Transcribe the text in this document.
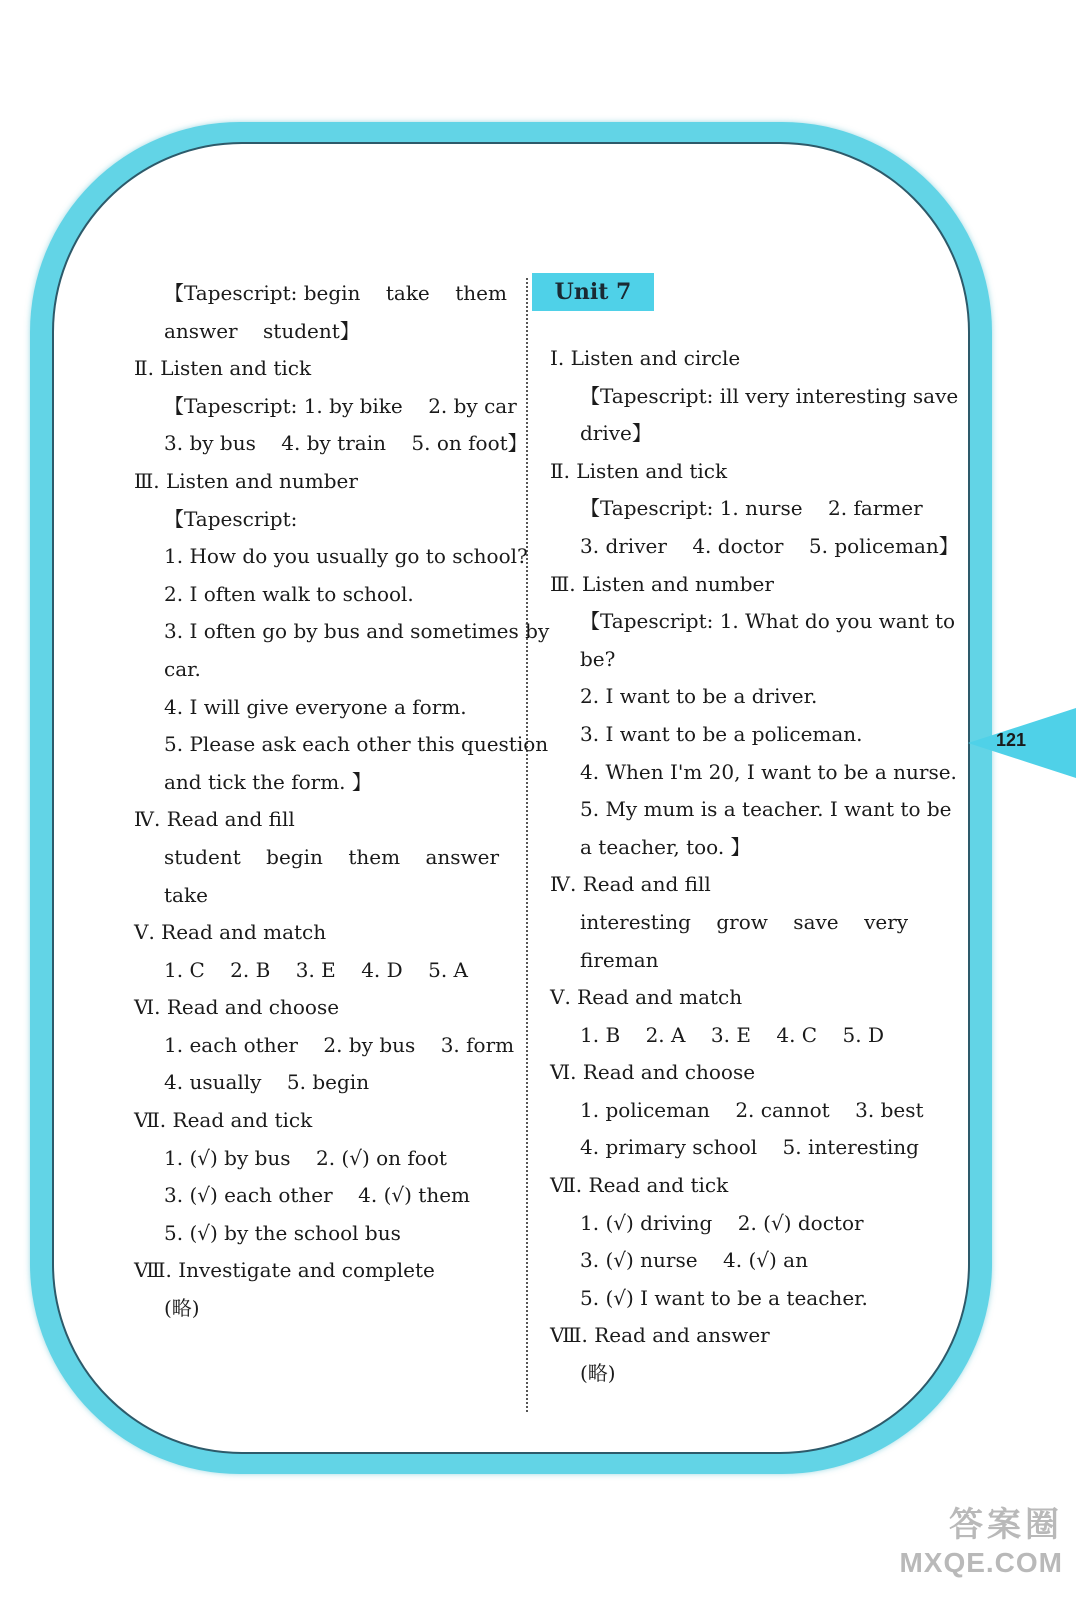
Unit 7
【Tapescript: begin    take    them
answer    student】
Ⅱ. Listen and tick
【Tapescript: 1. by bike    2. by car
3. by bus    4. by train    5. on foot】
Ⅲ. Listen and number
【Tapescript:
1. How do you usually go to school?
2. I often walk to school.
3. I often go by bus and sometimes by
car.
4. I will give everyone a form.
5. Please ask each other this question
and tick the form. 】
Ⅳ. Read and fill
student    begin    them    answer
take
Ⅴ. Read and match
1. C    2. B    3. E    4. D    5. A
Ⅵ. Read and choose
1. each other    2. by bus    3. form
4. usually    5. begin
Ⅶ. Read and tick
1. (√) by bus    2. (√) on foot
3. (√) each other    4. (√) them
5. (√) by the school bus
Ⅷ. Investigate and complete
(略)
Ⅰ. Listen and circle
【Tapescript: ill very interesting save
drive】
Ⅱ. Listen and tick
【Tapescript: 1. nurse    2. farmer
3. driver    4. doctor    5. policeman】
Ⅲ. Listen and number
【Tapescript: 1. What do you want to
be?
2. I want to be a driver.
3. I want to be a policeman.
4. When I'm 20, I want to be a nurse.
5. My mum is a teacher. I want to be
a teacher, too. 】
Ⅳ. Read and fill
interesting    grow    save    very
fireman
Ⅴ. Read and match
1. B    2. A    3. E    4. C    5. D
Ⅵ. Read and choose
1. policeman    2. cannot    3. best
4. primary school    5. interesting
Ⅶ. Read and tick
1. (√) driving    2. (√) doctor
3. (√) nurse    4. (√) an
5. (√) I want to be a teacher.
Ⅷ. Read and answer
(略)
121
答案圈
MXQE.COM
